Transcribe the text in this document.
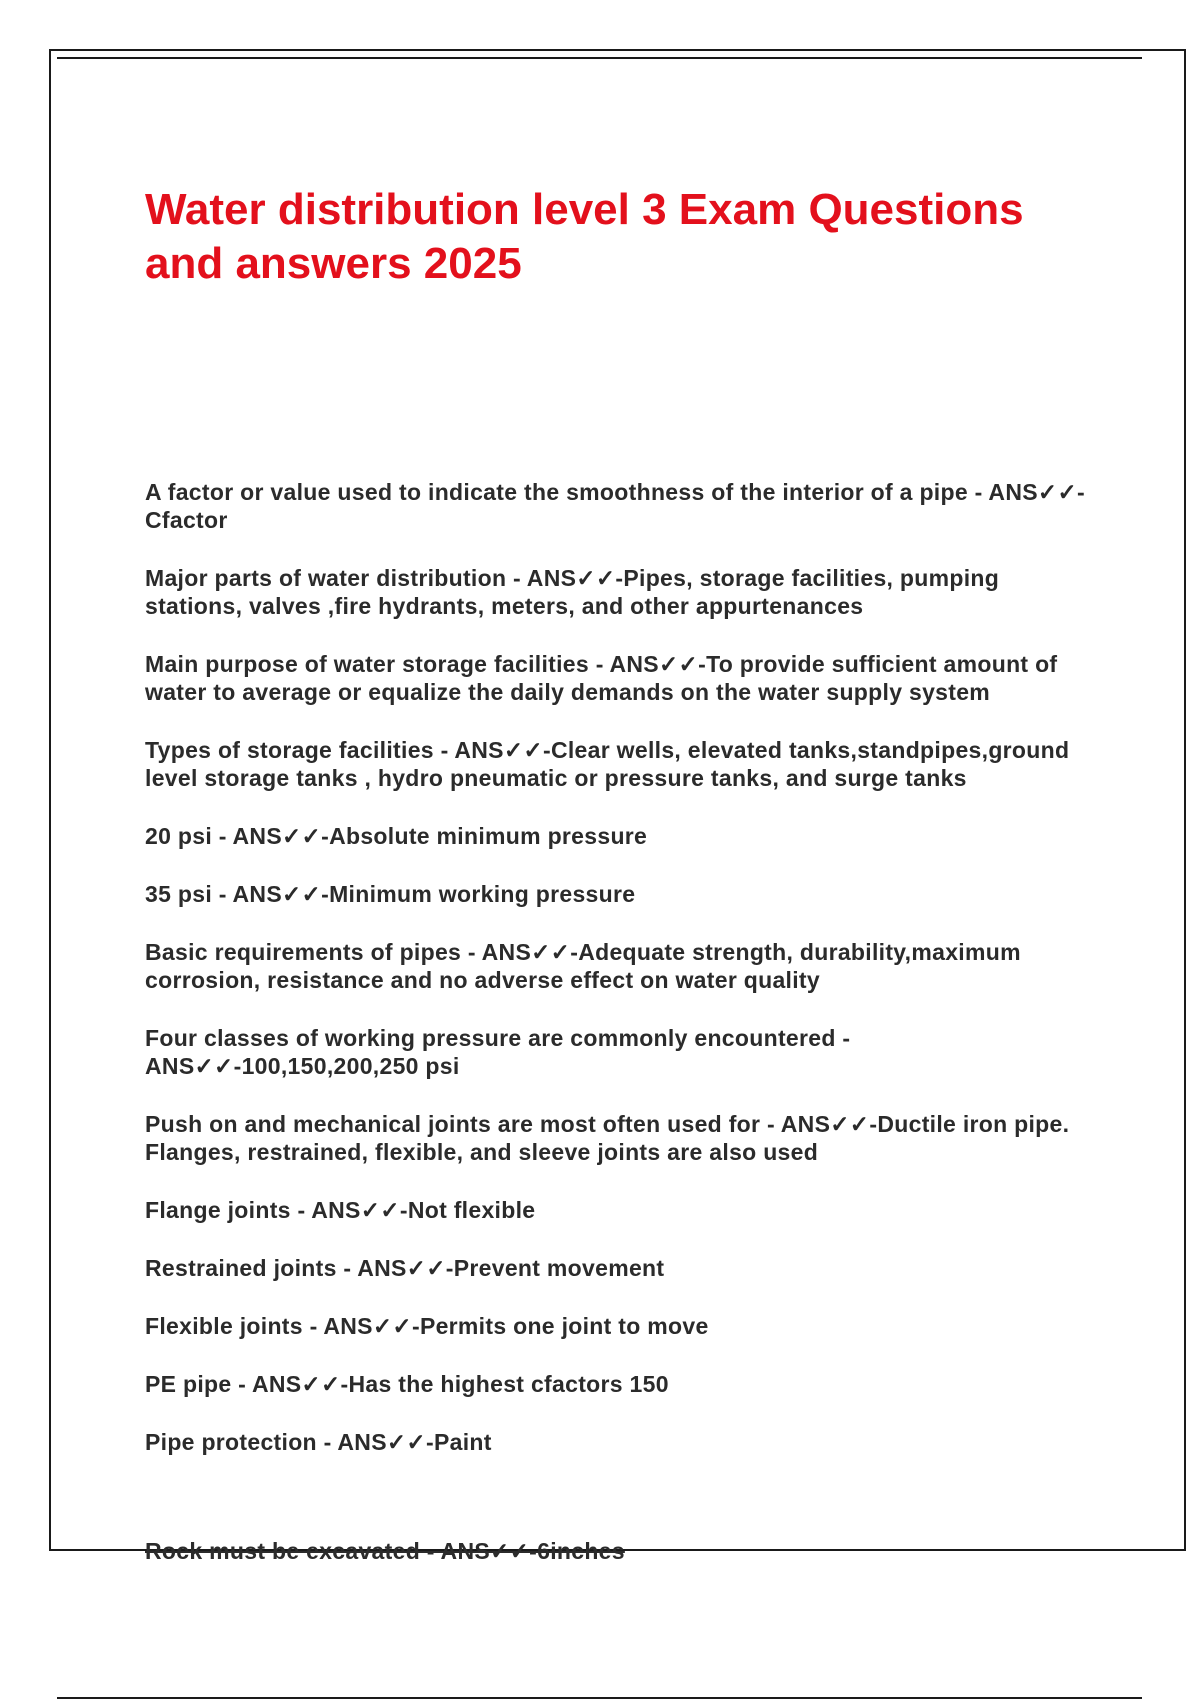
Water distribution level 3 Exam Questions and answers 2025
A factor or value used to indicate the smoothness of the interior of a pipe - ANS✓✓-Cfactor
Major parts of water distribution - ANS✓✓-Pipes, storage facilities, pumping stations, valves ,fire hydrants, meters, and other appurtenances
Main purpose of water storage facilities - ANS✓✓-To provide sufficient amount of water to average or equalize the daily demands on the water supply system
Types of storage facilities - ANS✓✓-Clear wells, elevated tanks,standpipes,ground level storage tanks , hydro pneumatic or pressure tanks, and surge tanks
20 psi - ANS✓✓-Absolute minimum pressure
35 psi - ANS✓✓-Minimum working pressure
Basic requirements of pipes - ANS✓✓-Adequate strength, durability,maximum corrosion, resistance and no adverse effect on water quality
Four classes of working pressure are commonly encountered - ANS✓✓-100,150,200,250 psi
Push on and mechanical joints are most often used for - ANS✓✓-Ductile iron pipe. Flanges, restrained, flexible, and sleeve joints are also used
Flange joints - ANS✓✓-Not flexible
Restrained joints - ANS✓✓-Prevent movement
Flexible joints - ANS✓✓-Permits one joint to move
PE pipe - ANS✓✓-Has the highest cfactors 150
Pipe protection - ANS✓✓-Paint
Rock must be excavated - ANS✓✓-6inches
